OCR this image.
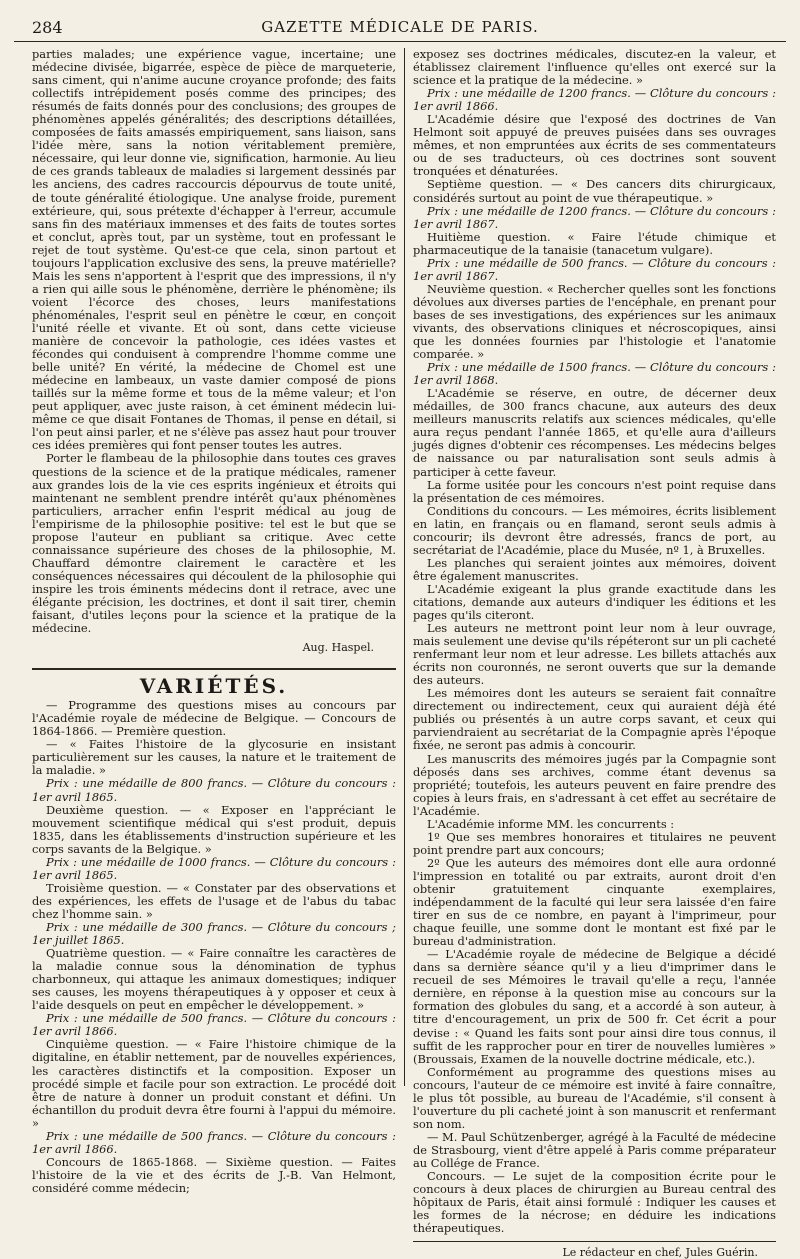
284	GAZETTE MÉDICALE DE PARIS.

parties malades; une expérience vague, incertaine; une médecine divisée, bigarrée, espèce de pièce de marqueterie, sans ciment, qui n'anime aucune croyance profonde; des faits collectifs intrépidement posés comme des principes; des résumés de faits donnés pour des conclusions; des groupes de phénomènes appelés généralités; des descriptions détaillées, composées de faits amassés empiriquement, sans liaison, sans l'idée mère, sans la notion véritablement première, nécessaire, qui leur donne vie, signification, harmonie. Au lieu de ces grands tableaux de maladies si largement dessinés par les anciens, des cadres raccourcis dépourvus de toute unité, de toute généralité étiologique. Une analyse froide, purement extérieure, qui, sous prétexte d'échapper à l'erreur, accumule sans fin des matériaux immenses et des faits de toutes sortes et conclut, après tout, par un système, tout en professant le rejet de tout système. Qu'est-ce que cela, sinon partout et toujours l'application exclusive des sens, la preuve matérielle? Mais les sens n'apportent à l'esprit que des impressions, il n'y a rien qui aille sous le phénomène, derrière le phénomène; ils voient l'écorce des choses, leurs manifestations phénoménales, l'esprit seul en pénètre le cœur, en conçoit l'unité réelle et vivante. Et où sont, dans cette vicieuse manière de concevoir la pathologie, ces idées vastes et fécondes qui conduisent à comprendre l'homme comme une belle unité? En vérité, la médecine de Chomel est une médecine en lambeaux, un vaste damier composé de pions taillés sur la même forme et tous de la même valeur; et l'on peut appliquer, avec juste raison, à cet éminent médecin lui-même ce que disait Fontanes de Thomas, il pense en détail, si l'on peut ainsi parler, et ne s'élève pas assez haut pour trouver ces idées premières qui font penser toutes les autres.

Porter le flambeau de la philosophie dans toutes ces graves questions de la science et de la pratique médicales, ramener aux grandes lois de la vie ces esprits ingénieux et étroits qui maintenant ne semblent prendre intérêt qu'aux phénomènes particuliers, arracher enfin l'esprit médical au joug de l'empirisme de la philosophie positive: tel est le but que se propose l'auteur en publiant sa critique. Avec cette connaissance supérieure des choses de la philosophie, M. Chauffard démontre clairement le caractère et les conséquences nécessaires qui découlent de la philosophie qui inspire les trois éminents médecins dont il retrace, avec une élégante précision, les doctrines, et dont il sait tirer, chemin faisant, d'utiles leçons pour la science et la pratique de la médecine.

Aug. Haspel.
VARIÉTÉS.

— Programme des questions mises au concours par l'Académie royale de médecine de Belgique. — Concours de 1864-1866. — Première question.

— « Faites l'histoire de la glycosurie en insistant particulièrement sur les causes, la nature et le traitement de la maladie. »

Prix : une médaille de 800 francs. — Clôture du concours : 1er avril 1865.

Deuxième question. — « Exposer en l'appréciant le mouvement scientifique médical qui s'est produit, depuis 1835, dans les établissements d'instruction supérieure et les corps savants de la Belgique. »

Prix : une médaille de 1000 francs. — Clôture du concours : 1er avril 1865.

Troisième question. — « Constater par des observations et des expériences, les effets de l'usage et de l'abus du tabac chez l'homme sain. »

Prix : une médaille de 300 francs. — Clôture du concours ; 1er juillet 1865.

Quatrième question. — « Faire connaître les caractères de la maladie connue sous la dénomination de typhus charbonneux, qui attaque les animaux domestiques; indiquer ses causes, les moyens thérapeutiques à y opposer et ceux à l'aide desquels on peut en empêcher le développement. »

Prix : une médaille de 500 francs. — Clôture du concours : 1er avril 1866.

Cinquième question. — « Faire l'histoire chimique de la digitaline, en établir nettement, par de nouvelles expériences, les caractères distinctifs et la composition. Exposer un procédé simple et facile pour son extraction. Le procédé doit être de nature à donner un produit constant et défini. Un échantillon du produit devra être fourni à l'appui du mémoire. »

Prix : une médaille de 500 francs. — Clôture du concours : 1er avril 1866.

Concours de 1865-1868. — Sixième question. — Faites l'histoire de la vie et des écrits de J.-B. Van Helmont, considéré comme médecin;

exposez ses doctrines médicales, discutez-en la valeur, et établissez clairement l'influence qu'elles ont exercé sur la science et la pratique de la médecine. »

Prix : une médaille de 1200 francs. — Clôture du concours : 1er avril 1866.

L'Académie désire que l'exposé des doctrines de Van Helmont soit appuyé de preuves puisées dans ses ouvrages mêmes, et non empruntées aux écrits de ses commentateurs ou de ses traducteurs, où ces doctrines sont souvent tronquées et dénaturées.

Septième question. — « Des cancers dits chirurgicaux, considérés surtout au point de vue thérapeutique. »

Prix : une médaille de 1200 francs. — Clôture du concours : 1er avril 1867.

Huitième question. « Faire l'étude chimique et pharmaceutique de la tanaisie (tanacetum vulgare).

Prix : une médaille de 500 francs. — Clôture du concours : 1er avril 1867.

Neuvième question. « Rechercher quelles sont les fonctions dévolues aux diverses parties de l'encéphale, en prenant pour bases de ses investigations, des expériences sur les animaux vivants, des observations cliniques et nécroscopiques, ainsi que les données fournies par l'histologie et l'anatomie comparée. »

Prix : une médaille de 1500 francs. — Clôture du concours : 1er avril 1868.

L'Académie se réserve, en outre, de décerner deux médailles, de 300 francs chacune, aux auteurs des deux meilleurs manuscrits relatifs aux sciences médicales, qu'elle aura reçus pendant l'année 1865, et qu'elle aura d'ailleurs jugés dignes d'obtenir ces récompenses. Les médecins belges de naissance ou par naturalisation sont seuls admis à participer à cette faveur.

La forme usitée pour les concours n'est point requise dans la présentation de ces mémoires.

Conditions du concours. — Les mémoires, écrits lisiblement en latin, en français ou en flamand, seront seuls admis à concourir; ils devront être adressés, francs de port, au secrétariat de l'Académie, place du Musée, nº 1, à Bruxelles.

Les planches qui seraient jointes aux mémoires, doivent être également manuscrites.

L'Académie exigeant la plus grande exactitude dans les citations, demande aux auteurs d'indiquer les éditions et les pages qu'ils citeront.

Les auteurs ne mettront point leur nom à leur ouvrage, mais seulement une devise qu'ils répéteront sur un pli cacheté renfermant leur nom et leur adresse. Les billets attachés aux écrits non couronnés, ne seront ouverts que sur la demande des auteurs.

Les mémoires dont les auteurs se seraient fait connaître directement ou indirectement, ceux qui auraient déjà été publiés ou présentés à un autre corps savant, et ceux qui parviendraient au secrétariat de la Compagnie après l'époque fixée, ne seront pas admis à concourir.

Les manuscrits des mémoires jugés par la Compagnie sont déposés dans ses archives, comme étant devenus sa propriété; toutefois, les auteurs peuvent en faire prendre des copies à leurs frais, en s'adressant à cet effet au secrétaire de l'Académie.

L'Académie informe MM. les concurrents :

1º Que ses membres honoraires et titulaires ne peuvent point prendre part aux concours;

2º Que les auteurs des mémoires dont elle aura ordonné l'impression en totalité ou par extraits, auront droit d'en obtenir gratuitement cinquante exemplaires, indépendamment de la faculté qui leur sera laissée d'en faire tirer en sus de ce nombre, en payant à l'imprimeur, pour chaque feuille, une somme dont le montant est fixé par le bureau d'administration.

— L'Académie royale de médecine de Belgique a décidé dans sa dernière séance qu'il y a lieu d'imprimer dans le recueil de ses Mémoires le travail qu'elle a reçu, l'année dernière, en réponse à la question mise au concours sur la formation des globules du sang, et a accordé à son auteur, à titre d'encouragement, un prix de 500 fr. Cet écrit a pour devise : « Quand les faits sont pour ainsi dire tous connus, il suffit de les rapprocher pour en tirer de nouvelles lumières » (Broussais, Examen de la nouvelle doctrine médicale, etc.).

Conformément au programme des questions mises au concours, l'auteur de ce mémoire est invité à faire connaître, le plus tôt possible, au bureau de l'Académie, s'il consent à l'ouverture du pli cacheté joint à son manuscrit et renfermant son nom.

— M. Paul Schützenberger, agrégé à la Faculté de médecine de Strasbourg, vient d'être appelé à Paris comme préparateur au Collége de France.

Concours. — Le sujet de la composition écrite pour le concours à deux places de chirurgien au Bureau central des hôpitaux de Paris, était ainsi formulé : Indiquer les causes et les formes de la nécrose; en déduire les indications thérapeutiques.

Le rédacteur en chef, Jules Guérin.
